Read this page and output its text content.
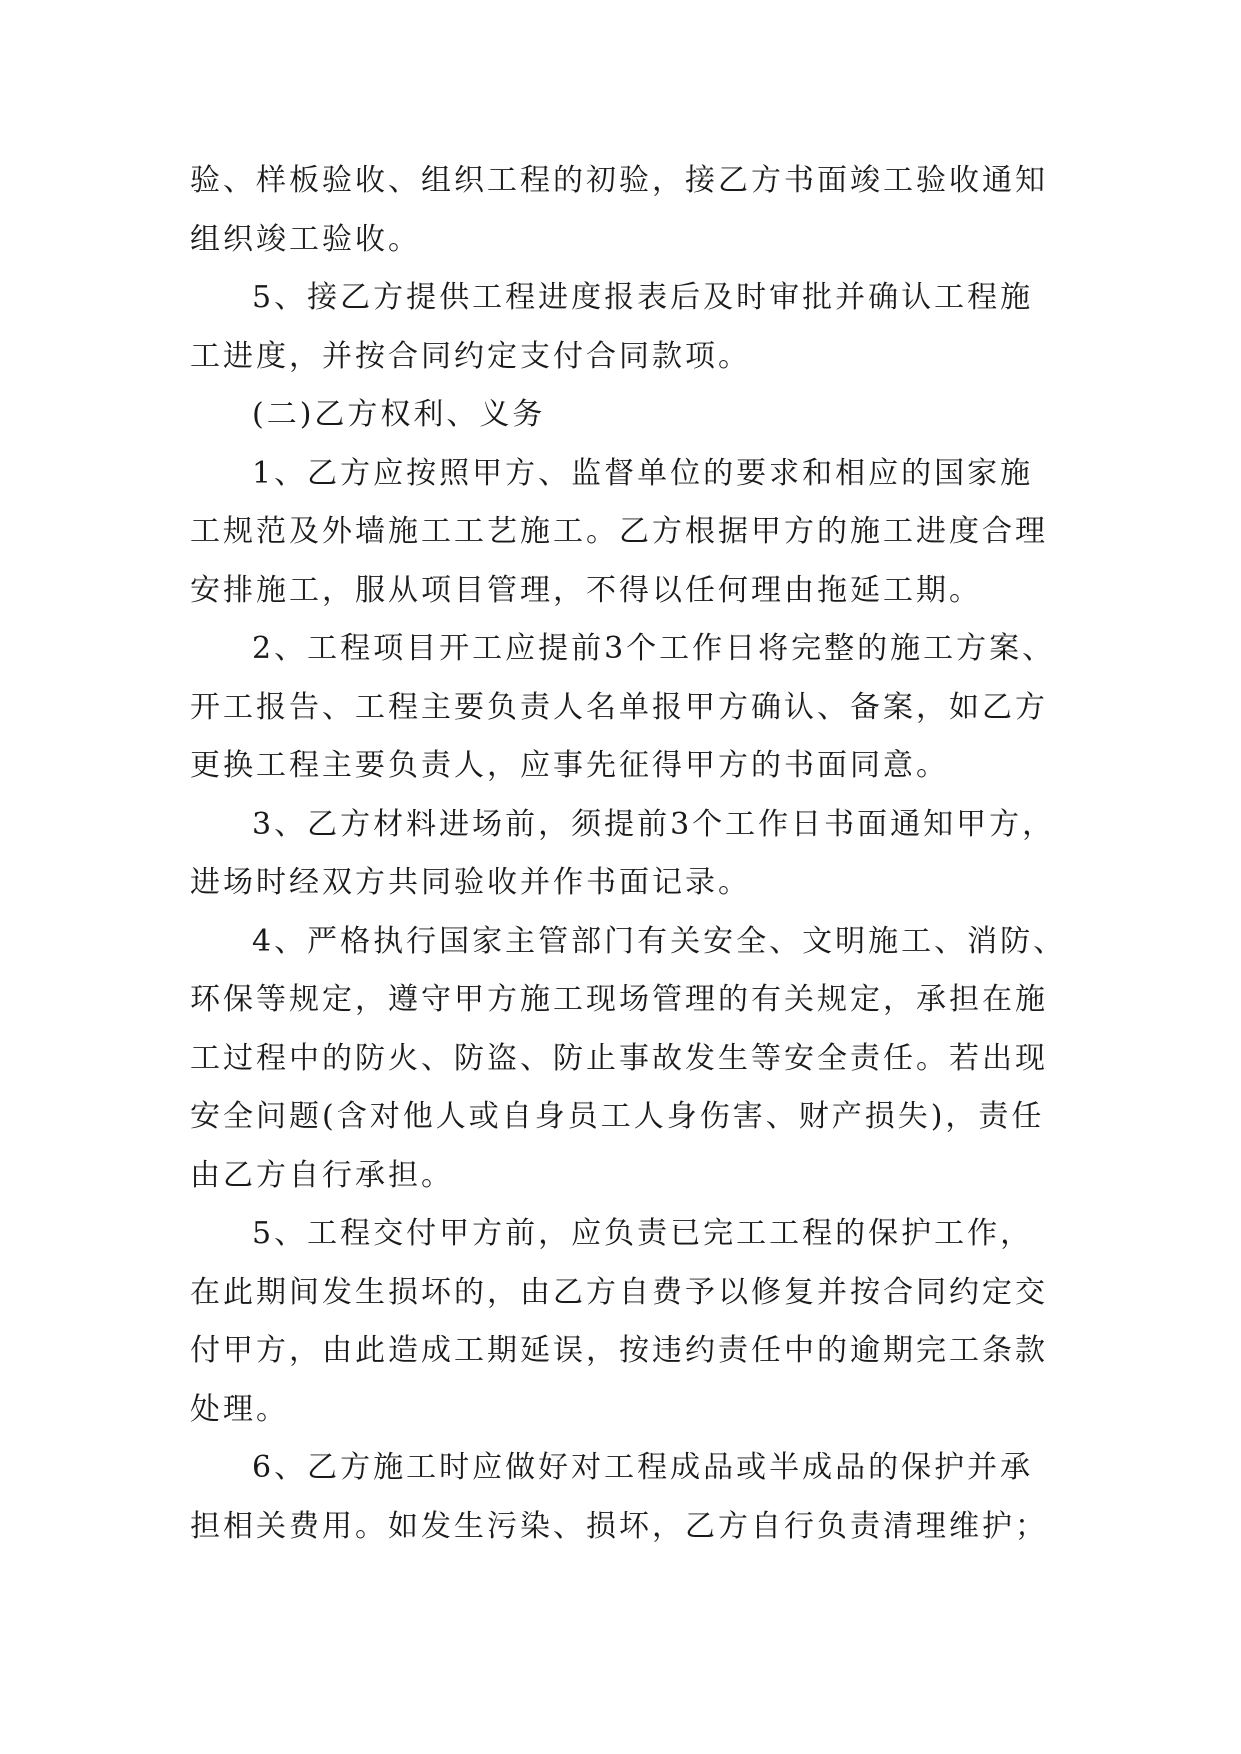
验、样板验收、组织工程的初验，接乙方书面竣工验收通知
组织竣工验收。
5、接乙方提供工程进度报表后及时审批并确认工程施
工进度，并按合同约定支付合同款项。
(二)乙方权利、义务
1、乙方应按照甲方、监督单位的要求和相应的国家施
工规范及外墙施工工艺施工。乙方根据甲方的施工进度合理
安排施工，服从项目管理，不得以任何理由拖延工期。
2、工程项目开工应提前3个工作日将完整的施工方案、
开工报告、工程主要负责人名单报甲方确认、备案，如乙方
更换工程主要负责人，应事先征得甲方的书面同意。
3、乙方材料进场前，须提前3个工作日书面通知甲方，
进场时经双方共同验收并作书面记录。
4、严格执行国家主管部门有关安全、文明施工、消防、
环保等规定，遵守甲方施工现场管理的有关规定，承担在施
工过程中的防火、防盗、防止事故发生等安全责任。若出现
安全问题(含对他人或自身员工人身伤害、财产损失)，责任
由乙方自行承担。
5、工程交付甲方前，应负责已完工工程的保护工作，
在此期间发生损坏的，由乙方自费予以修复并按合同约定交
付甲方，由此造成工期延误，按违约责任中的逾期完工条款
处理。
6、乙方施工时应做好对工程成品或半成品的保护并承
担相关费用。如发生污染、损坏，乙方自行负责清理维护；
